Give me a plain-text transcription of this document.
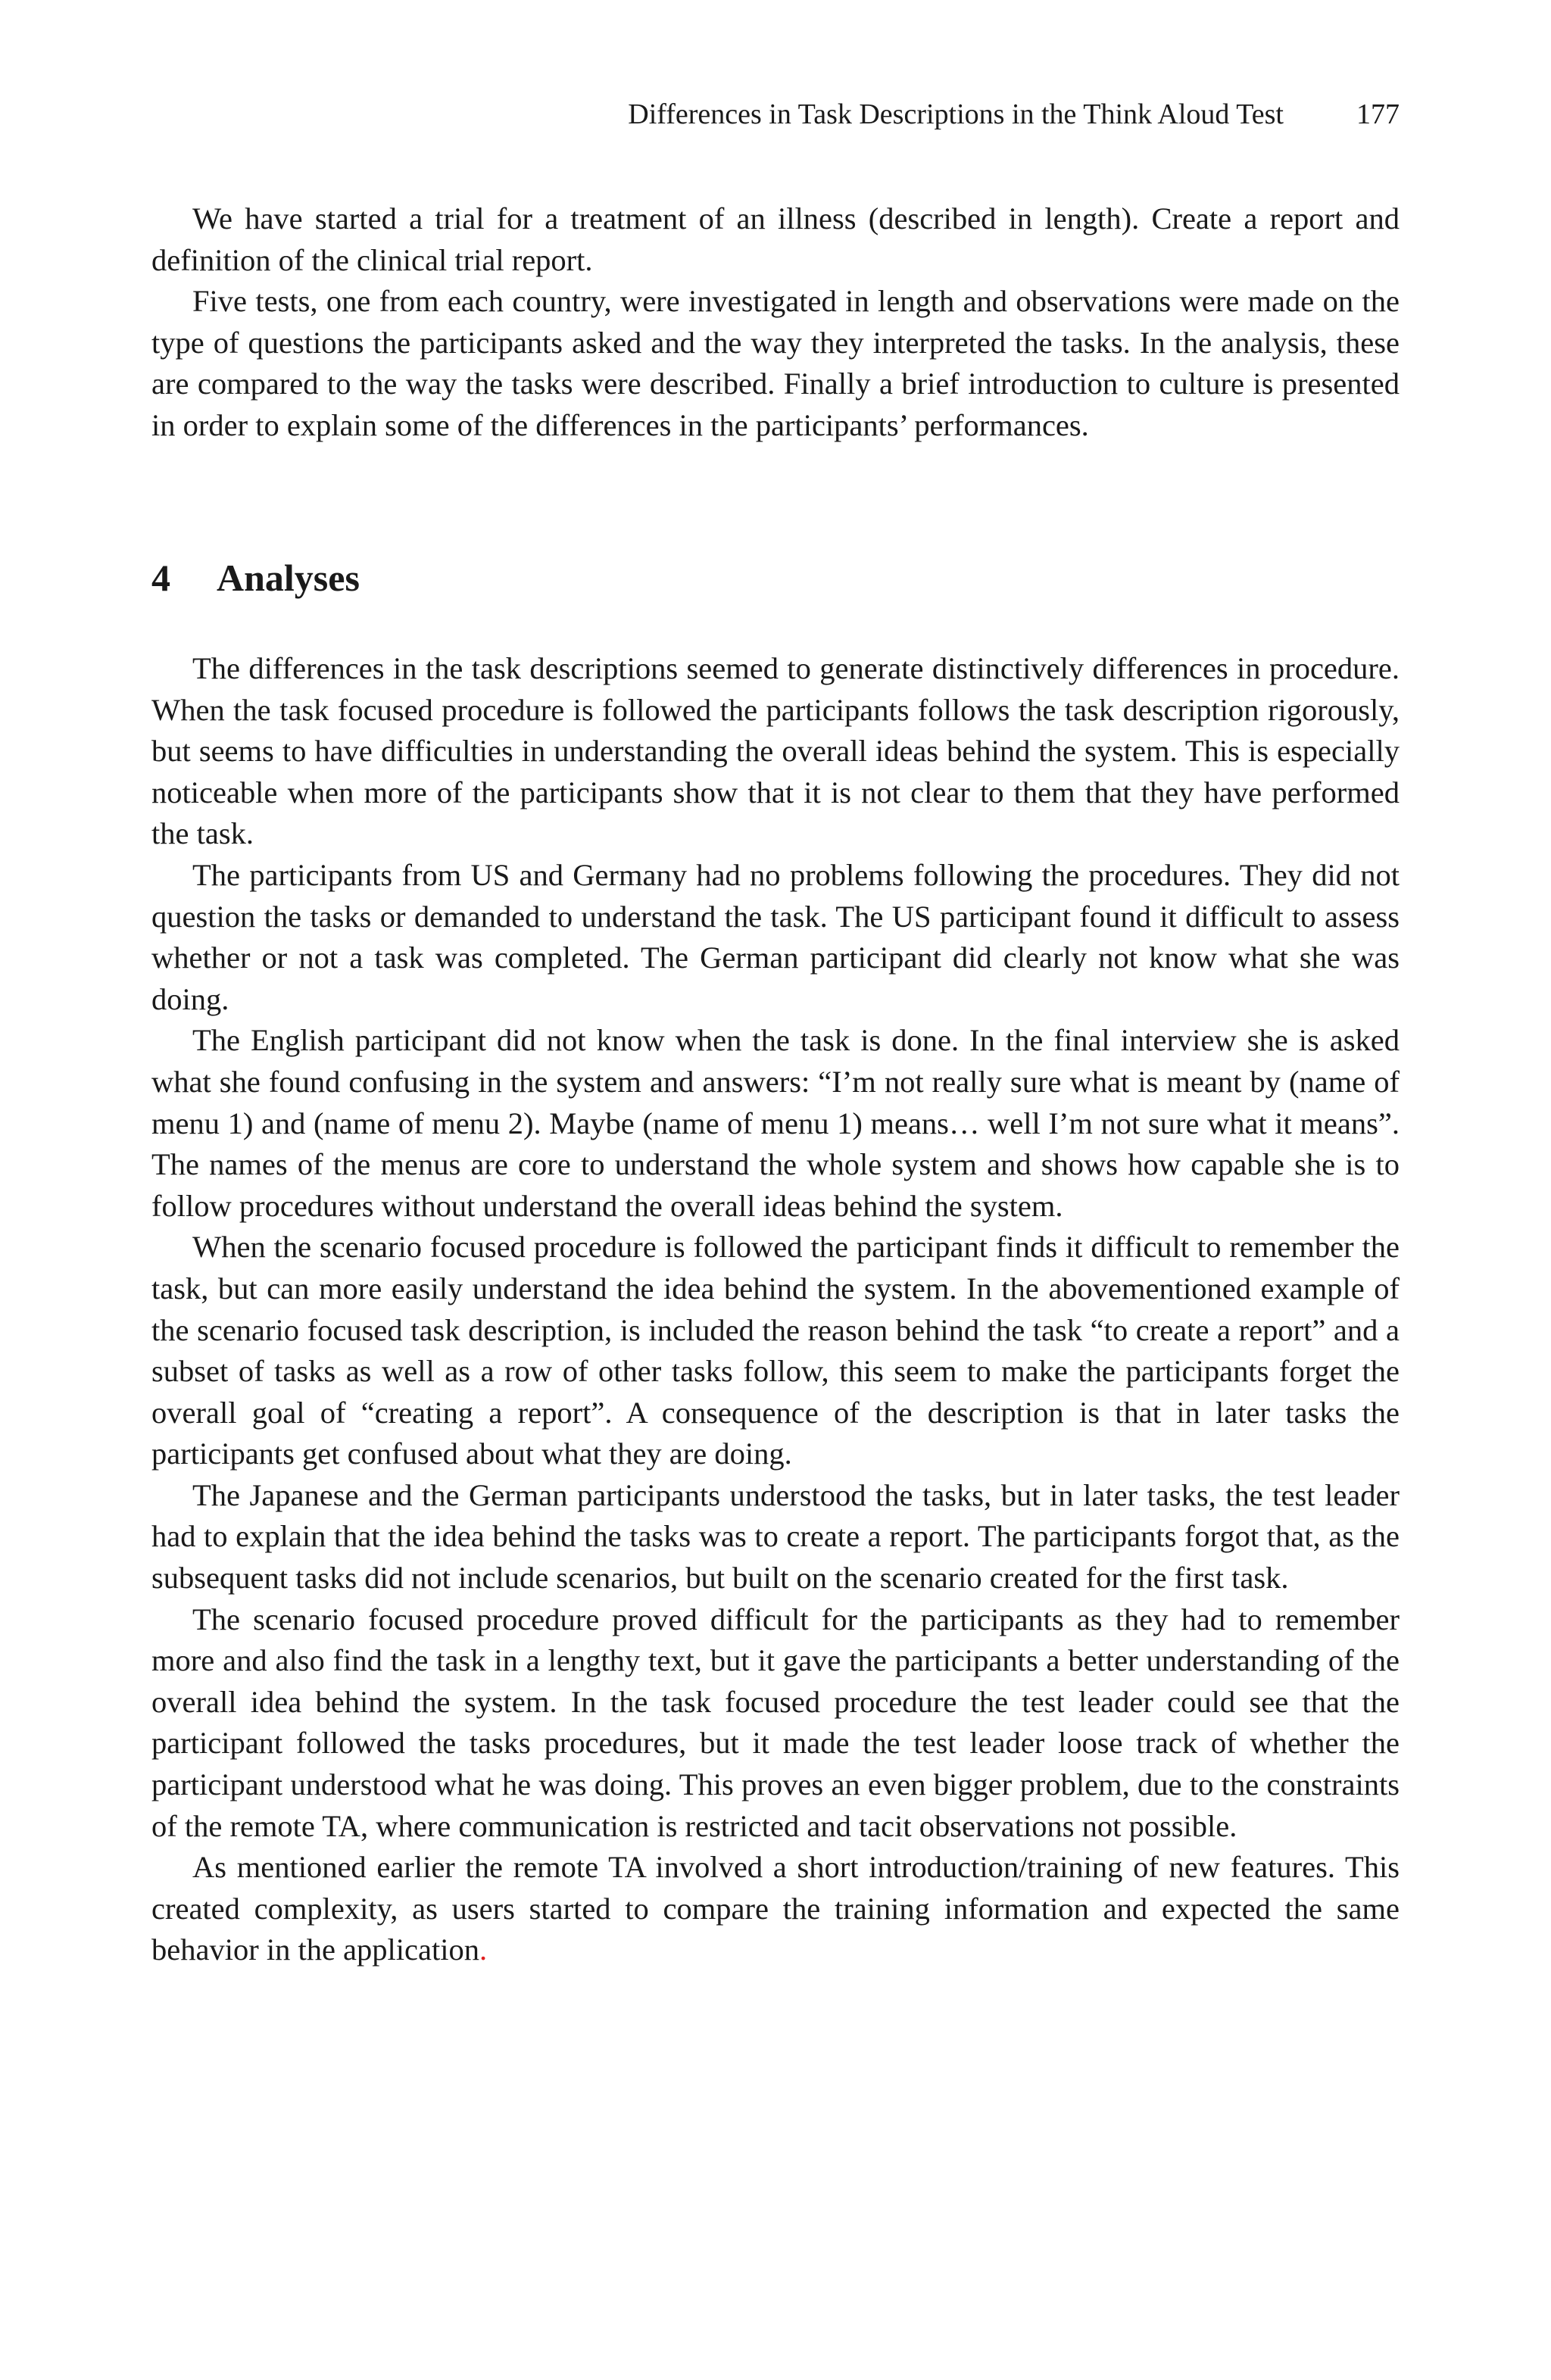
Differences in Task Descriptions in the Think Aloud Test	177

We have started a trial for a treatment of an illness (described in length). Create a report and definition of the clinical trial report.

Five tests, one from each country, were investigated in length and observations were made on the type of questions the participants asked and the way they interpreted the tasks. In the analysis, these are compared to the way the tasks were described. Finally a brief introduction to culture is presented in order to explain some of the differences in the participants’ performances.

4 Analyses

The differences in the task descriptions seemed to generate distinctively differences in procedure. When the task focused procedure is followed the participants follows the task description rigorously, but seems to have difficulties in understanding the overall ideas behind the system. This is especially noticeable when more of the participants show that it is not clear to them that they have performed the task.

The participants from US and Germany had no problems following the procedures. They did not question the tasks or demanded to understand the task. The US participant found it difficult to assess whether or not a task was completed. The German participant did clearly not know what she was doing.

The English participant did not know when the task is done. In the final interview she is asked what she found confusing in the system and answers: “I’m not really sure what is meant by (name of menu 1) and (name of menu 2). Maybe (name of menu 1) means… well I’m not sure what it means”. The names of the menus are core to understand the whole system and shows how capable she is to follow procedures without understand the overall ideas behind the system.

When the scenario focused procedure is followed the participant finds it difficult to remember the task, but can more easily understand the idea behind the system. In the abovementioned example of the scenario focused task description, is included the reason behind the task “to create a report” and a subset of tasks as well as a row of other tasks follow, this seem to make the participants forget the overall goal of “creating a report”. A consequence of the description is that in later tasks the participants get confused about what they are doing.

The Japanese and the German participants understood the tasks, but in later tasks, the test leader had to explain that the idea behind the tasks was to create a report. The participants forgot that, as the subsequent tasks did not include scenarios, but built on the scenario created for the first task.

The scenario focused procedure proved difficult for the participants as they had to remember more and also find the task in a lengthy text, but it gave the participants a better understanding of the overall idea behind the system. In the task focused procedure the test leader could see that the participant followed the tasks procedures, but it made the test leader loose track of whether the participant understood what he was doing. This proves an even bigger problem, due to the constraints of the remote TA, where communication is restricted and tacit observations not possible.

As mentioned earlier the remote TA involved a short introduction/training of new features. This created complexity, as users started to compare the training information and expected the same behavior in the application.
